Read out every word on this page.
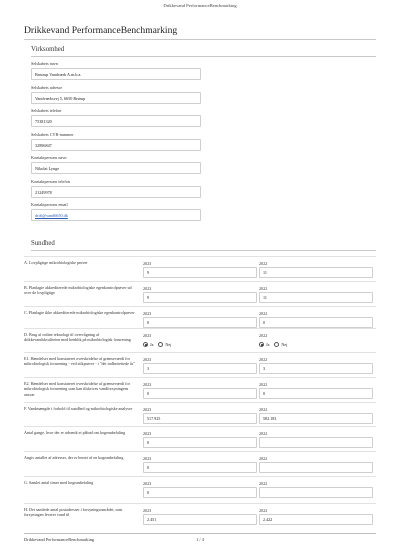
Drikkevand PerformanceBenchmarking
Drikkevand PerformanceBenchmarking
Virksomhed
Selskabets navn
Bnstrup Vandværk A.m.b.a.
Selskabets adresse
Vandværksvej 5, 6650 Brørup
Selskabets telefon
75381320
Selskabets CVR-nummer
32896847
Kontaktpersons navn
Nikolai Lynge
Kontaktpersons telefon
21249978
Kontaktpersons email
drift@vand6650.dk
Sundhed
A. Lovpligtige mikrobiologiske prøver	2023
9
2022
11
B. Planlagte akkrediterede mikrobiologiske egenkontrolprøver ud over de lovpligtige
2023
9
2022
11
C. Planlagte ikke akkrediterede mikrobiologiske egenkontrolprøver	2023
0
2022
0
D. Brug af online teknologi til overvågning af drikkevandskvaliteten med henblik på mikrobiologisk forurening
2023
Ja	Nej
2022
Ja	Nej
E1. Hændelser med konstateret overskridelse af grænseværdi for mikrobiologisk forurening - ved stikprøver - i "det indbetrettede år"
2023
3
2022
3
E2. Hændelser med konstateret overskridelse af grænseværdi for mikrobiologisk forurening som kan tilskrives vandforsyningens ansvar
2023
0
2022
0
F. Vandmængde i forhold til sundhed og mikrobiologiske analyser	2023
517.925
2022
582.183
Antal gange, hvor der er udsendt et påbud om kogeanbefaling	2023
0
2022
Angiv antallet af adresser, der er berørt af en kogeanbefaling	2023
0
2022
G. Samlet antal timer med kogeanbefaling	2023
0
2022
H. Det samlede antal postadresser i forsyningsområdet, som forsyningen leverer vand til
2023
2.451
2022
2.422
Drikkevand PerformanceBenchmarking	1 / 4
